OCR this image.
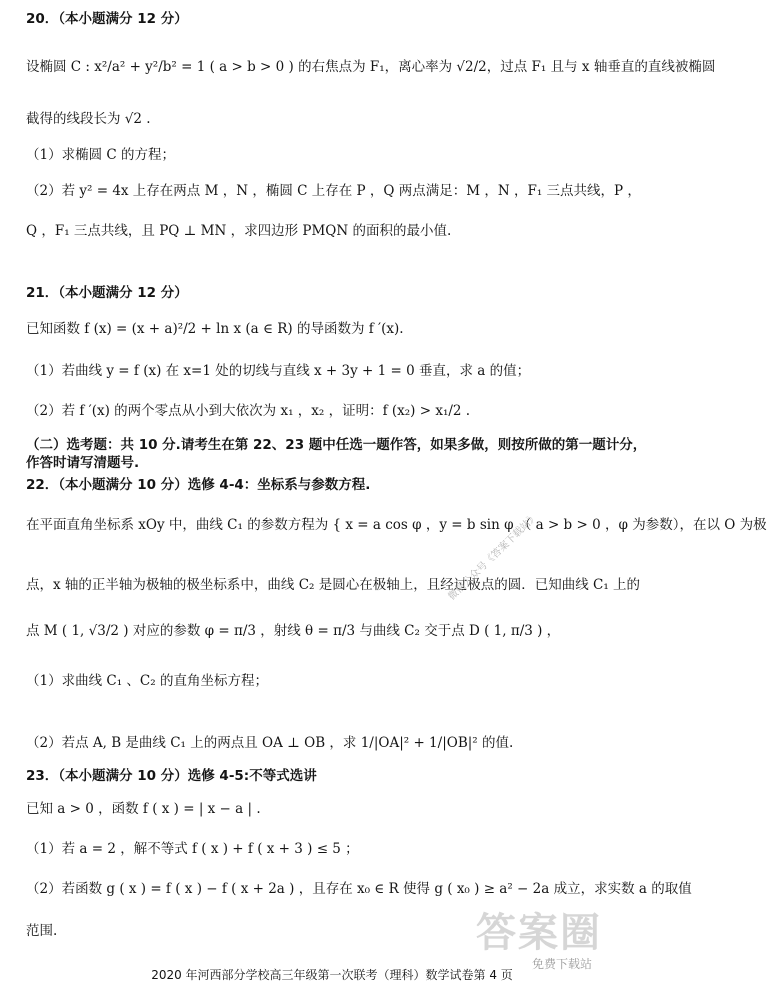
20．（本小题满分 12 分）
设椭圆 C : x²/a² + y²/b² = 1 ( a > b > 0 ) 的右焦点为 F₁，离心率为 √2/2，过点 F₁ 且与 x 轴垂直的直线被椭圆
截得的线段长为 √2 .
（1）求椭圆 C 的方程；
（2）若 y² = 4x 上存在两点 M ，N ，椭圆 C 上存在 P ，Q 两点满足：M ，N ，F₁ 三点共线，P ，
Q ，F₁ 三点共线，且 PQ ⊥ MN ，求四边形 PMQN 的面积的最小值.
21．（本小题满分 12 分）
已知函数 f (x) = (x + a)²/2 + ln x (a ∈ R) 的导函数为 f ′(x).
（1）若曲线 y = f (x) 在 x=1 处的切线与直线 x + 3y + 1 = 0 垂直，求 a 的值；
（2）若 f ′(x) 的两个零点从小到大依次为 x₁ ，x₂ ，证明：f (x₂) > x₁/2 .
（二）选考题：共 10 分.请考生在第 22、23 题中任选一题作答，如果多做，则按所做的第一题计分，
作答时请写清题号.
22．（本小题满分 10 分）选修 4-4：坐标系与参数方程.
在平面直角坐标系 xOy 中，曲线 C₁ 的参数方程为 { x = a cos φ ，y = b sin φ （ a > b > 0 ，φ 为参数），在以 O 为极
点，x 轴的正半轴为极轴的极坐标系中，曲线 C₂ 是圆心在极轴上，且经过极点的圆．已知曲线 C₁ 上的
点 M ( 1, √3/2 ) 对应的参数 φ = π/3 ，射线 θ = π/3 与曲线 C₂ 交于点 D ( 1, π/3 ) ，
（1）求曲线 C₁ 、C₂ 的直角坐标方程；
（2）若点 A, B 是曲线 C₁ 上的两点且 OA ⊥ OB ，求 1/|OA|² + 1/|OB|² 的值.
23．（本小题满分 10 分）选修 4-5:不等式选讲
已知 a > 0 ，函数 f ( x ) = | x − a | .
（1）若 a = 2 ，解不等式 f ( x ) + f ( x + 3 ) ≤ 5 ；
（2）若函数 g ( x ) = f ( x ) − f ( x + 2a ) ，且存在 x₀ ∈ R 使得 g ( x₀ ) ≥ a² − 2a 成立，求实数 a 的取值
范围.
微信公众号《答案下载站》
答案圈
免费下载站
2020 年河西部分学校高三年级第一次联考（理科）数学试卷第 4 页
